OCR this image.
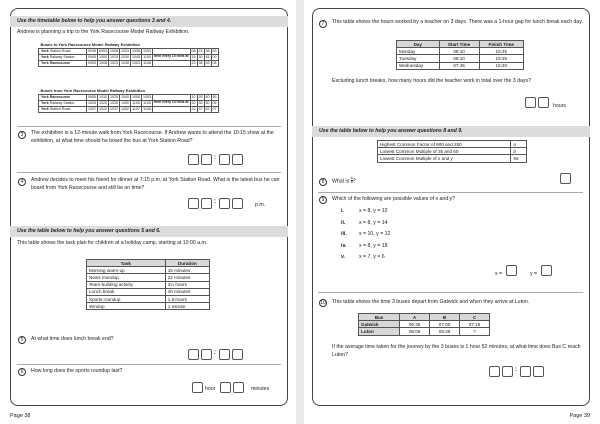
Use the timetable below to help you answer questions 3 and 4.
Andrew is planning a trip to the York Racecourse Model Railway Exhibition.
Buses to York Racecourse Model Railway Exhibition											
York Station Road	0938	0953	1008	1023	1038	1053		08	23	38	53
York Railway Station	0945	1000	1015	1030	1045	1100	then every 15 mins at	15	30	45	00
York Racecourse	0953	1008	1023	1038	1053	1108		23	38	53	08
Buses from York Racecourse Model Railway Exhibition											
York Racecourse	0955	1010	1025	1040	1055	1053		10	25	40	55
York Railway Station	1005	1020	1035	1050	1105	1105	then every 15 mins at	20	35	50	05
York Station Road	1007	1022	1037	1052	1107	1108		22	37	52	07
3	The exhibition is a 12-minute walk from York Racecourse. If Andrew wants to attend the 10:15 show at the exhibition, at what time should he board the bus at York Station Road?
:
4	Andrew decides to meet his friend for dinner at 7:15 p.m. at York Station Road. What is the latest bus he can board from York Racecourse and still be on time?
:	p.m.
Use the table below to help you answer questions 5 and 6.
This table shows the task plan for children at a holiday camp, starting at 10:00 a.m.
Task	Duration
Morning warm-up	15 minutes
News roundup	22 minutes
Team-building activity	2¼ hours
Lunch break	40 minutes
Sports roundup	1.8 hours
Windup	1 minute
5	At what time does lunch break end?
:
6	How long does the sports roundup last?
hour	minutes
Page 38
7	This table shows the hours worked by a teacher on 3 days. There was a 1-hour gap for lunch break each day.
Day	Start Time	Finish Time
Monday	08:10	15:35
Tuesday	08:10	15:35
Wednesday	07:45	15:30
Excluding lunch breaks, how many hours did the teacher work in total over the 3 days?
hours
Use the table below to help you answer questions 8 and 9.
Highest Common Factor of 900 and 250	a
Lowest Common Multiple of 35 and 60	b
Lowest Common Multiple of x and y	56
8	What is $\frac{b}{a}$ ?
9	Which of the following are possible values of x and y?
i.	x = 8, y = 12
ii.	x = 8, y = 14
iii. x = 10, y = 12
iv. x = 8, y = 18
v.	x = 7, y = 6
x =	y =
10 This table shows the time 3 buses depart from Gatwick and when they arrive at Luton.
Bus	A	B	C
Gatwick	06:35	07:00	07:15
Luton	08:09	08:39	?
If the average time taken for the journey by the 3 buses is 1 hour 52 minutes, at what time does Bus C reach Luton?
:
Page 39
